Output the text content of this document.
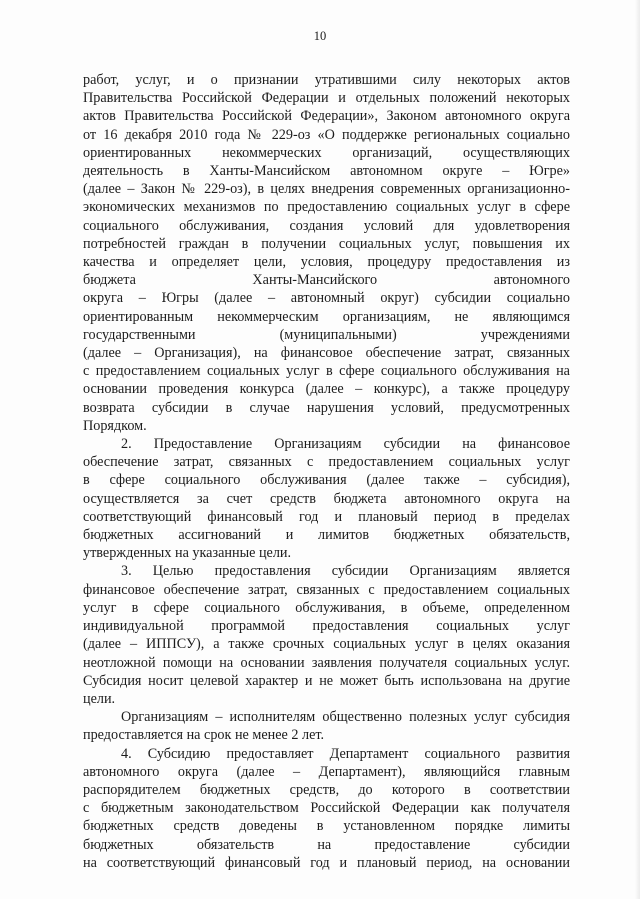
10
работ, услуг, и о признании утратившими силу некоторых актов
Правительства Российской Федерации и отдельных положений некоторых
актов Правительства Российской Федерации», Законом автономного округа
от 16 декабря 2010 года № 229-оз «О поддержке региональных социально
ориентированных некоммерческих организаций, осуществляющих
деятельность в Ханты-Мансийском автономном округе – Югре»
(далее – Закон № 229-оз), в целях внедрения современных организационно-
экономических механизмов по предоставлению социальных услуг в сфере
социального обслуживания, создания условий для удовлетворения
потребностей граждан в получении социальных услуг, повышения их
качества и определяет цели, условия, процедуру предоставления из
бюджета Ханты-Мансийского автономного
округа – Югры (далее – автономный округ) субсидии социально
ориентированным некоммерческим организациям, не являющимся
государственными (муниципальными) учреждениями
(далее – Организация), на финансовое обеспечение затрат, связанных
с предоставлением социальных услуг в сфере социального обслуживания на
основании проведения конкурса (далее – конкурс), а также процедуру
возврата субсидии в случае нарушения условий, предусмотренных
Порядком.
2. Предоставление Организациям субсидии на финансовое
обеспечение затрат, связанных с предоставлением социальных услуг
в сфере социального обслуживания (далее также – субсидия),
осуществляется за счет средств бюджета автономного округа на
соответствующий финансовый год и плановый период в пределах
бюджетных ассигнований и лимитов бюджетных обязательств,
утвержденных на указанные цели.
3. Целью предоставления субсидии Организациям является
финансовое обеспечение затрат, связанных с предоставлением социальных
услуг в сфере социального обслуживания, в объеме, определенном
индивидуальной программой предоставления социальных услуг
(далее – ИППСУ), а также срочных социальных услуг в целях оказания
неотложной помощи на основании заявления получателя социальных услуг.
Субсидия носит целевой характер и не может быть использована на другие
цели.
Организациям – исполнителям общественно полезных услуг субсидия
предоставляется на срок не менее 2 лет.
4. Субсидию предоставляет Департамент социального развития
автономного округа (далее – Департамент), являющийся главным
распорядителем бюджетных средств, до которого в соответствии
с бюджетным законодательством Российской Федерации как получателя
бюджетных средств доведены в установленном порядке лимиты
бюджетных обязательств на предоставление субсидии
на соответствующий финансовый год и плановый период, на основании
